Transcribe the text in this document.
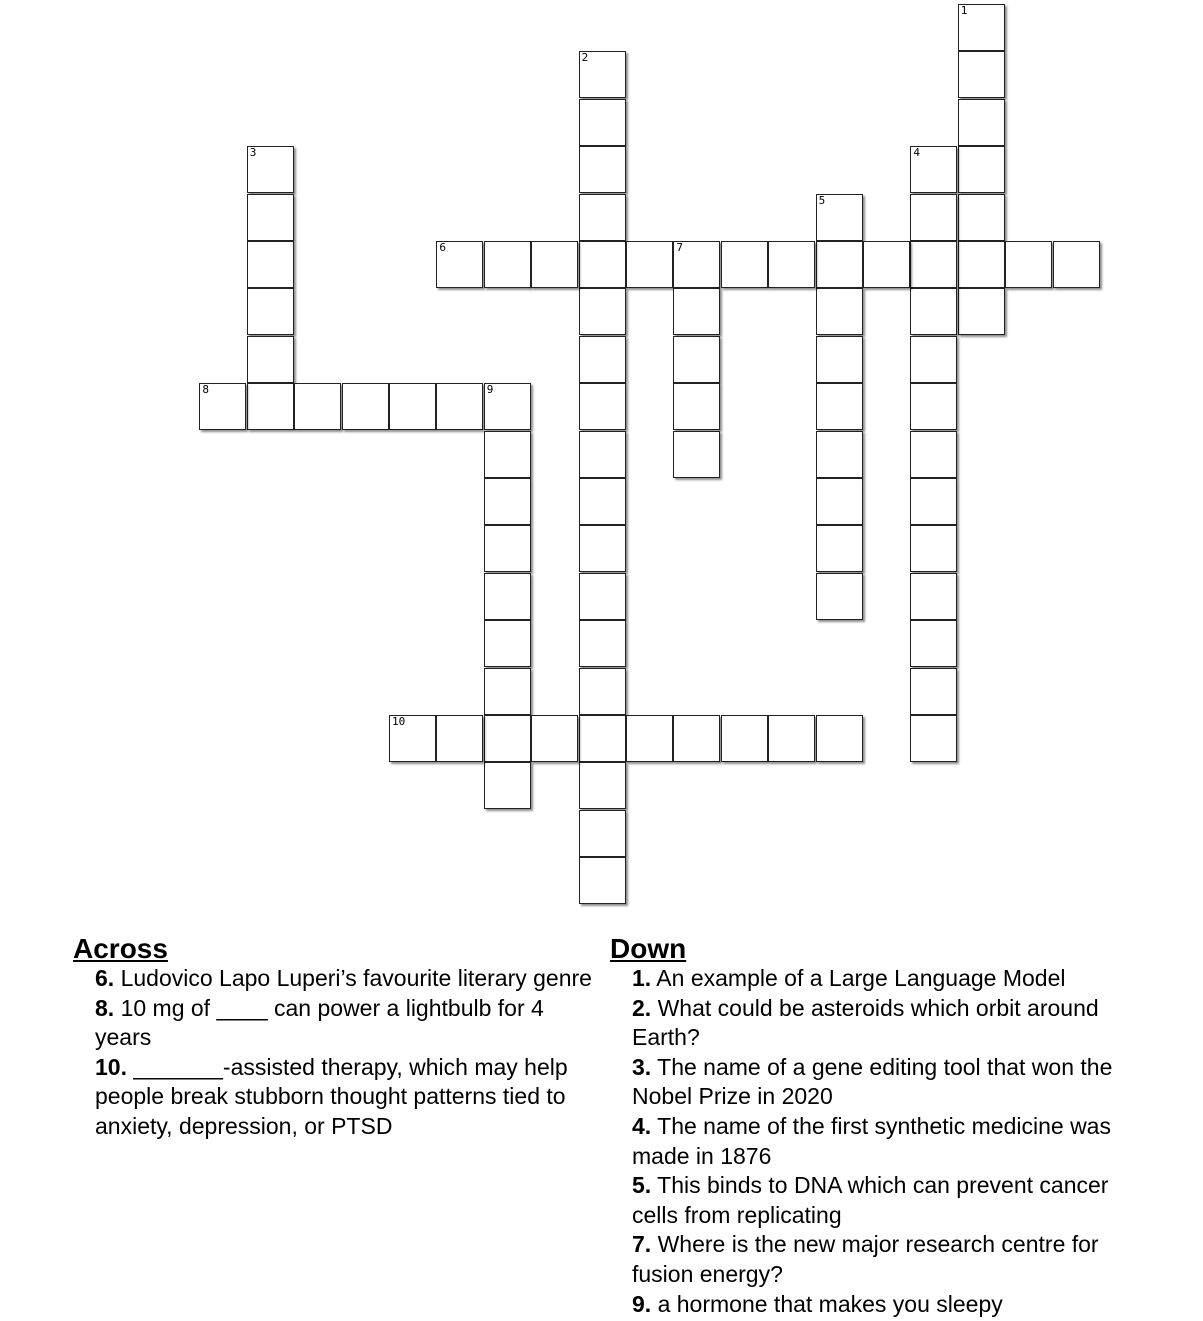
1
2
3	4
5
6	7
8	9
10
Across
6. Ludovico Lapo Luperi’s favourite literary genre
8. 10 mg of ____ can power a lightbulb for 4 years
10. _______-assisted therapy, which may help people break stubborn thought patterns tied to anxiety, depression, or PTSD
Down
1. An example of a Large Language Model
2. What could be asteroids which orbit around Earth?
3. The name of a gene editing tool that won the Nobel Prize in 2020
4. The name of the first synthetic medicine was made in 1876
5. This binds to DNA which can prevent cancer cells from replicating
7. Where is the new major research centre for fusion energy?
9. a hormone that makes you sleepy
